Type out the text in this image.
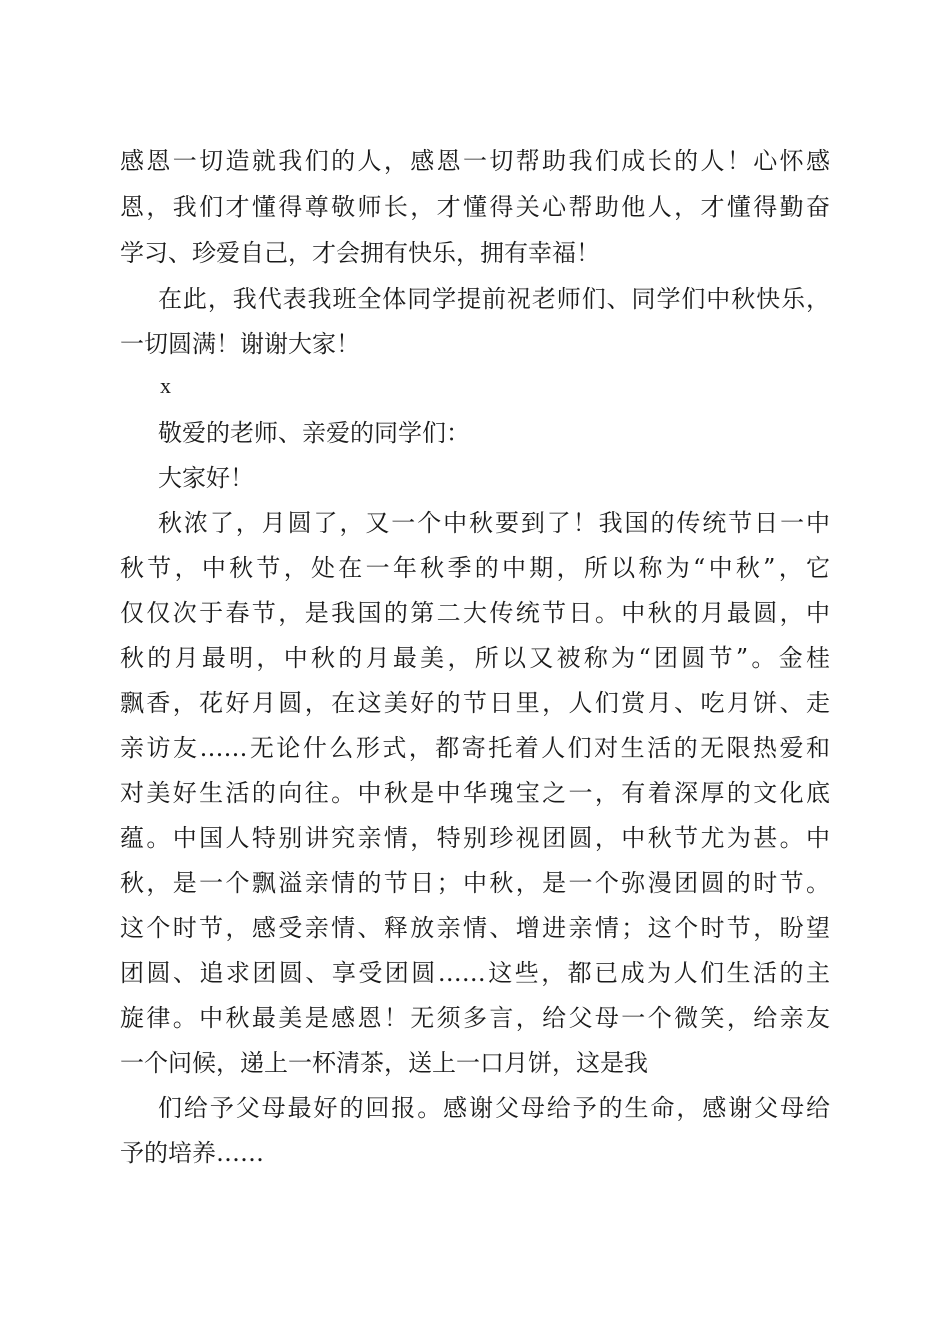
感恩一切造就我们的人，感恩一切帮助我们成长的人！心怀感

恩，我们才懂得尊敬师长，才懂得关心帮助他人，才懂得勤奋

学习、珍爱自己，才会拥有快乐，拥有幸福！

在此，我代表我班全体同学提前祝老师们、同学们中秋快乐，

一切圆满！谢谢大家！

x

敬爱的老师、亲爱的同学们：

大家好！

秋浓了，月圆了，又一个中秋要到了！我国的传统节日一中

秋节，中秋节，处在一年秋季的中期，所以称为“中秋”，它

仅仅次于春节，是我国的第二大传统节日。中秋的月最圆，中

秋的月最明，中秋的月最美，所以又被称为“团圆节”。金桂

飘香，花好月圆，在这美好的节日里，人们赏月、吃月饼、走

亲访友……无论什么形式，都寄托着人们对生活的无限热爱和

对美好生活的向往。中秋是中华瑰宝之一，有着深厚的文化底

蕴。中国人特别讲究亲情，特别珍视团圆，中秋节尤为甚。中

秋，是一个飘溢亲情的节日；中秋，是一个弥漫团圆的时节。

这个时节，感受亲情、释放亲情、增进亲情；这个时节，盼望

团圆、追求团圆、享受团圆……这些，都已成为人们生活的主

旋律。中秋最美是感恩！无须多言，给父母一个微笑，给亲友

一个问候，递上一杯清茶，送上一口月饼，这是我

们给予父母最好的回报。感谢父母给予的生命，感谢父母给

予的培养……
